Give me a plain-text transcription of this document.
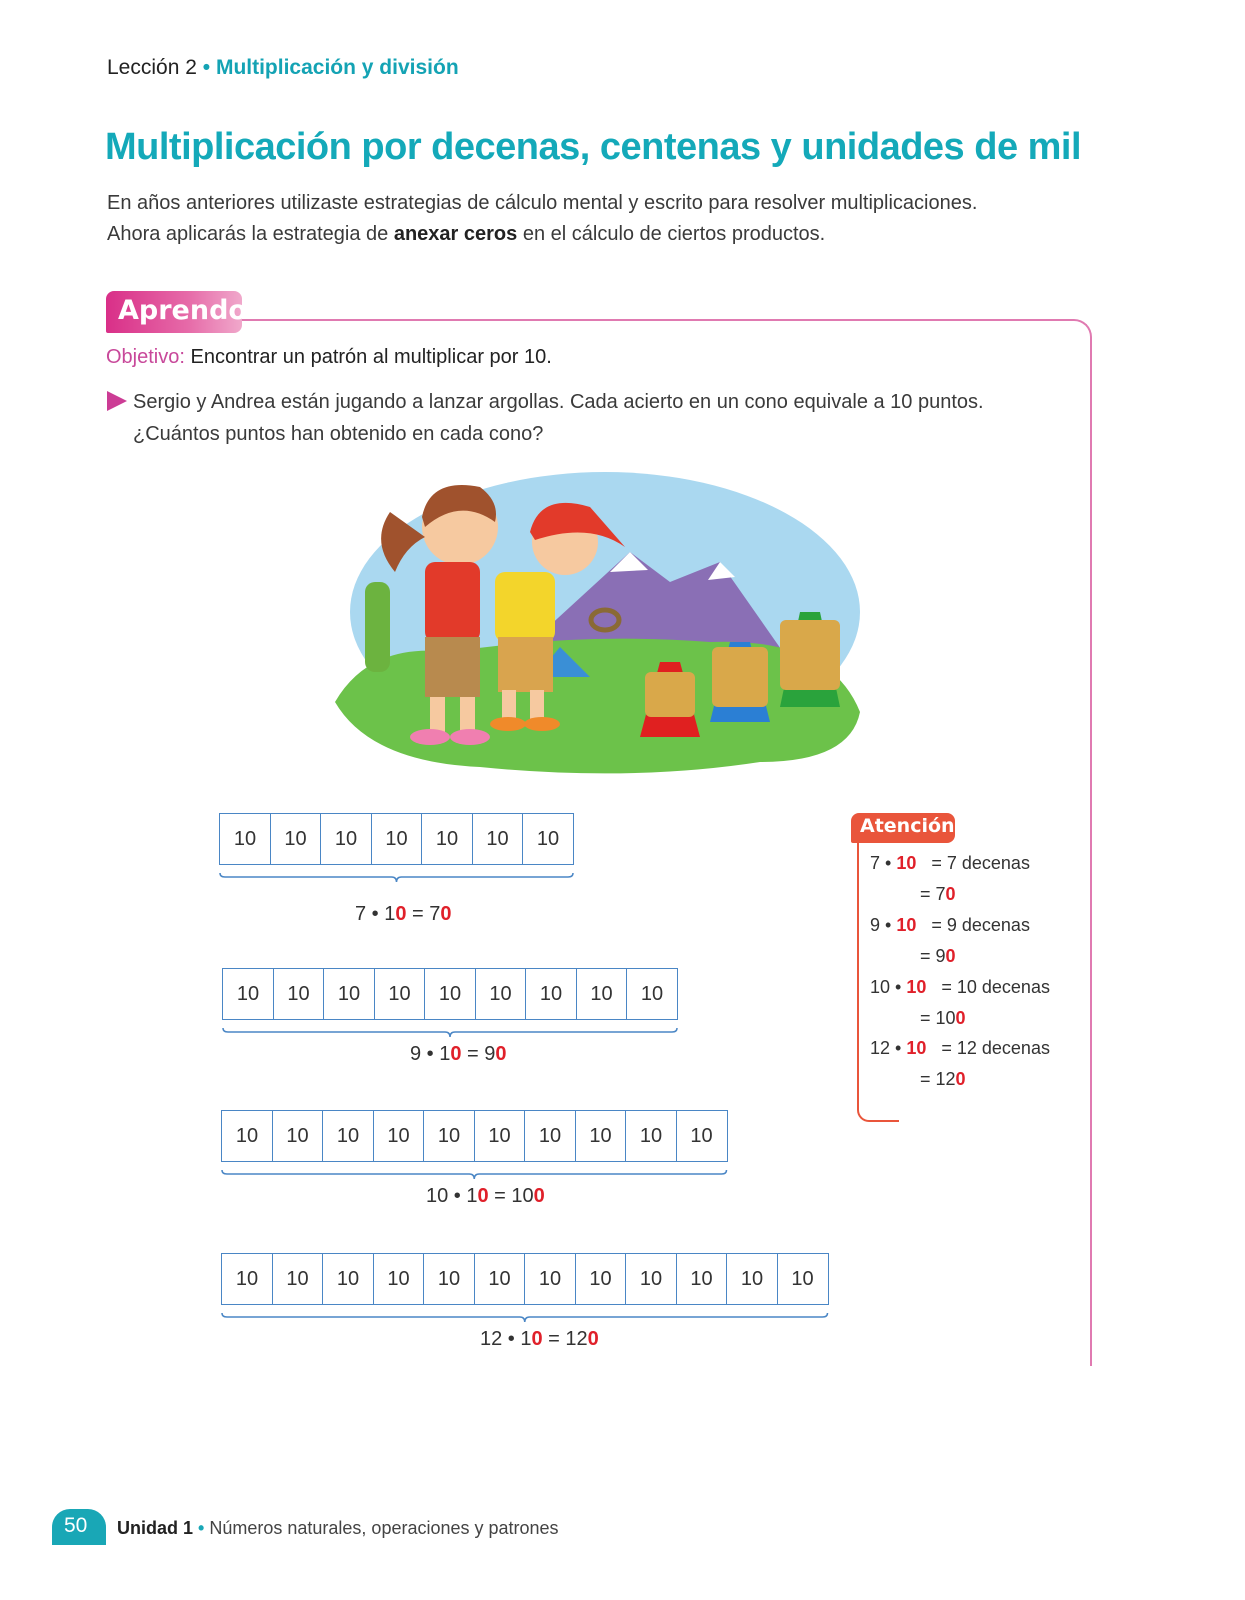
Lección 2 • Multiplicación y división
Multiplicación por decenas, centenas y unidades de mil
En años anteriores utilizaste estrategias de cálculo mental y escrito para resolver multiplicaciones.
Ahora aplicarás la estrategia de anexar ceros en el cálculo de ciertos productos.
Aprendo
Objetivo: Encontrar un patrón al multiplicar por 10.
Sergio y Andrea están jugando a lanzar argollas. Cada acierto en un cono equivale a 10 puntos.
¿Cuántos puntos han obtenido en cada cono?
10	10	10	10	10	10	10
7 • 10 = 70
10	10	10	10	10	10	10	10	10
9 • 10 = 90
10	10	10	10	10	10	10	10	10	10
10 • 10 = 100
10	10	10	10	10	10	10	10	10	10	10	10
12 • 10 = 120
Atención
7 • 10 = 7 decenas
= 70
9 • 10 = 9 decenas
= 90
10 • 10 = 10 decenas
= 100
12 • 10 = 12 decenas
= 120
50 Unidad 1 • Números naturales, operaciones y patrones
